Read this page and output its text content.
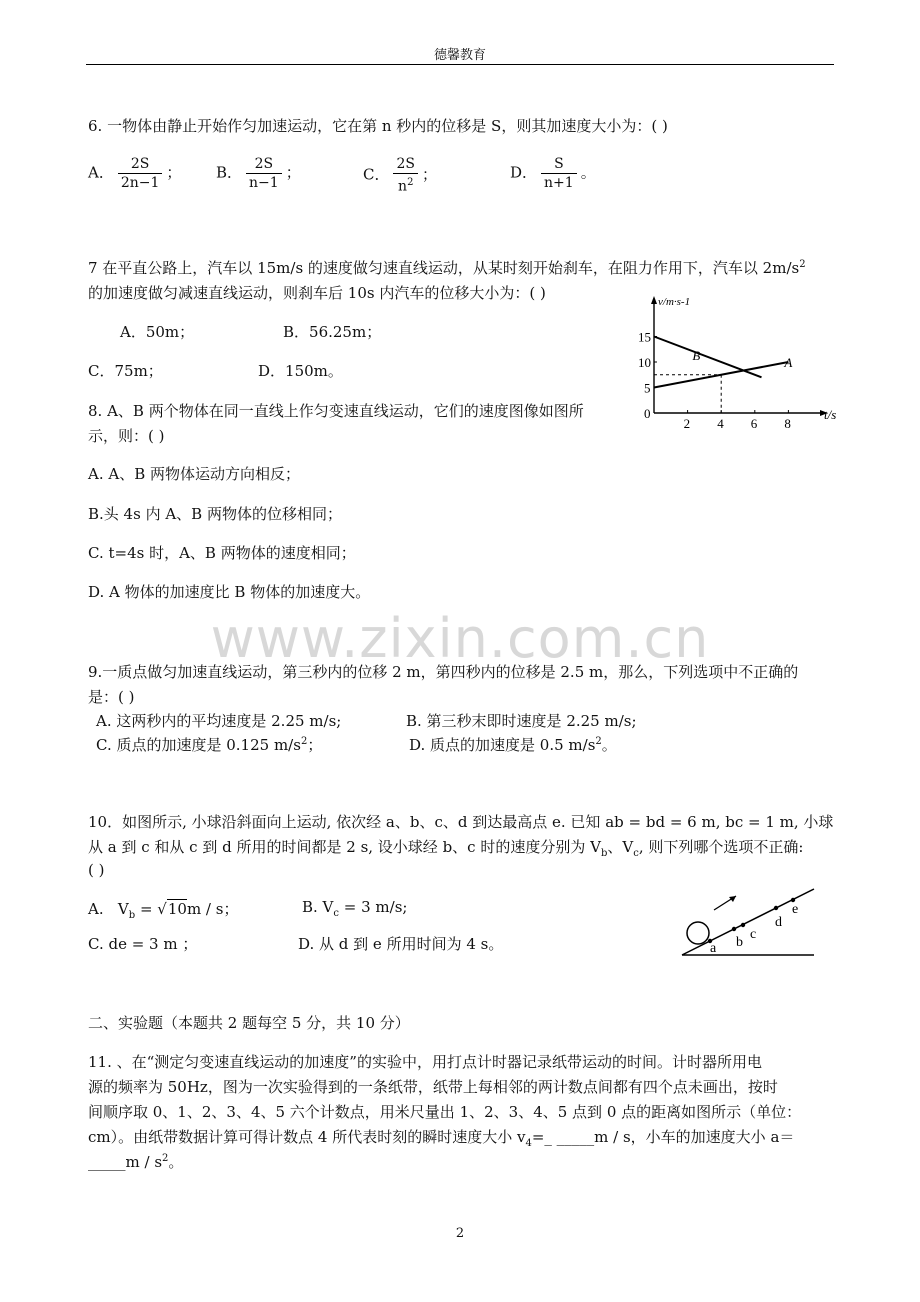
德馨教育
6. 一物体由静止开始作匀加速运动，它在第 n 秒内的位移是 S，则其加速度大小为：( )
A． $\frac{2S}{2n-1}$ ； B． $\frac{2S}{n-1}$ ；	C． $\frac{2S}{n^2}$ ；	D． $\frac{S}{n+1}$ 。
7 在平直公路上，汽车以 15m/s 的速度做匀速直线运动，从某时刻开始刹车，在阻力作用下，汽车以 $2m/s^2$
的加速度做匀减速直线运动，则刹车后 10s 内汽车的位移大小为：( )
A．50m；	B．56.25m；
C．75m；	D．150m。
v/m·s-1
t/s
2 4 6 8
0
5
10
15
A
B
8. A、B 两个物体在同一直线上作匀变速直线运动，它们的速度图像如图所
示，则：( )
A. A、B 两物体运动方向相反；
B.头 4s 内 A、B 两物体的位移相同；
C. t=4s 时，A、B 两物体的速度相同；
D. A 物体的加速度比 B 物体的加速度大。
www.zixin.com.cn
9.一质点做匀加速直线运动，第三秒内的位移 2 m，第四秒内的位移是 2.5 m，那么，下列选项中不正确的
是：( )
A. 这两秒内的平均速度是 2.25 m/s;	B. 第三秒末即时速度是 2.25 m/s;
C. 质点的加速度是 0.125 $m/s^2$；	D. 质点的加速度是 0.5 $m/s^2$。
10．如图所示, 小球沿斜面向上运动, 依次经 a、b、c、d 到达最高点 e. 已知 ab = bd = 6 m, bc = 1 m, 小球
从 a 到 c 和从 c 到 d 所用的时间都是 2 s, 设小球经 b、c 时的速度分别为 $V_b$、$V_c$, 则下列哪个选项不正确:
( )
A. $V_b = √10m / s$；	B. $V_c = 3$ m/s;
C. de = 3 m ；	D. 从 d 到 e 所用时间为 4 s。	a b
c
d
e
二、实验题（本题共 2 题每空 5 分，共 10 分）
11. 、在“测定匀变速直线运动的加速度”的实验中，用打点计时器记录纸带运动的时间。计时器所用电
源的频率为 50Hz，图为一次实验得到的一条纸带，纸带上每相邻的两计数点间都有四个点未画出，按时
间顺序取 0、1、2、3、4、5 六个计数点，用米尺量出 1、2、3、4、5 点到 0 点的距离如图所示（单位：
cm）。由纸带数据计算可得计数点 4 所代表时刻的瞬时速度大小 $v_4=\_$ _____m / s，小车的加速度大小 a＝
_____m / $s^2$。
2
